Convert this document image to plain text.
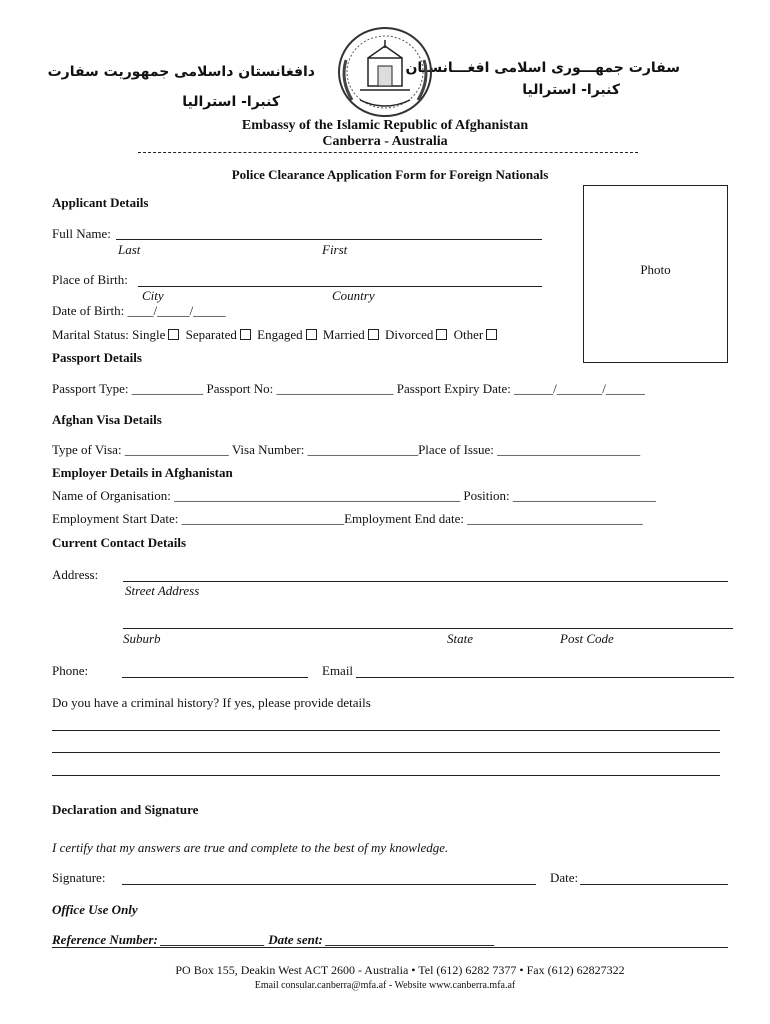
دافغانستان داسلامی جمهوریت سفارت
کنبرا- استرالیا
سفارت جمهـــوری اسلامی افغـــانستان
کنبرا- استرالیا
Embassy of the Islamic Republic of Afghanistan
Canberra - Australia
Police Clearance Application Form for Foreign Nationals
Photo
Applicant Details
Full Name:
Last	First
Place of Birth:
City	Country
Date of Birth: ____/_____/_____
Marital Status: Single Separated Engaged Married Divorced Other
Passport Details
Passport Type: ___________ Passport No: __________________ Passport Expiry Date: ______/_______/______
Afghan Visa Details
Type of Visa: ________________ Visa Number: _________________Place of Issue: ______________________
Employer Details in Afghanistan
Name of Organisation: ____________________________________________ Position: ______________________
Employment Start Date: _________________________Employment End date: ___________________________
Current Contact Details
Address:
Street Address
Suburb	State	Post Code
Phone:	Email
Do you have a criminal history? If yes, please provide details
Declaration and Signature
I certify that my answers are true and complete to the best of my knowledge.
Signature:	Date:
Office Use Only
Reference Number: ________________ Date sent: __________________________
PO Box 155, Deakin West ACT 2600 - Australia • Tel (612) 6282 7377 • Fax (612) 62827322
Email consular.canberra@mfa.af - Website www.canberra.mfa.af
